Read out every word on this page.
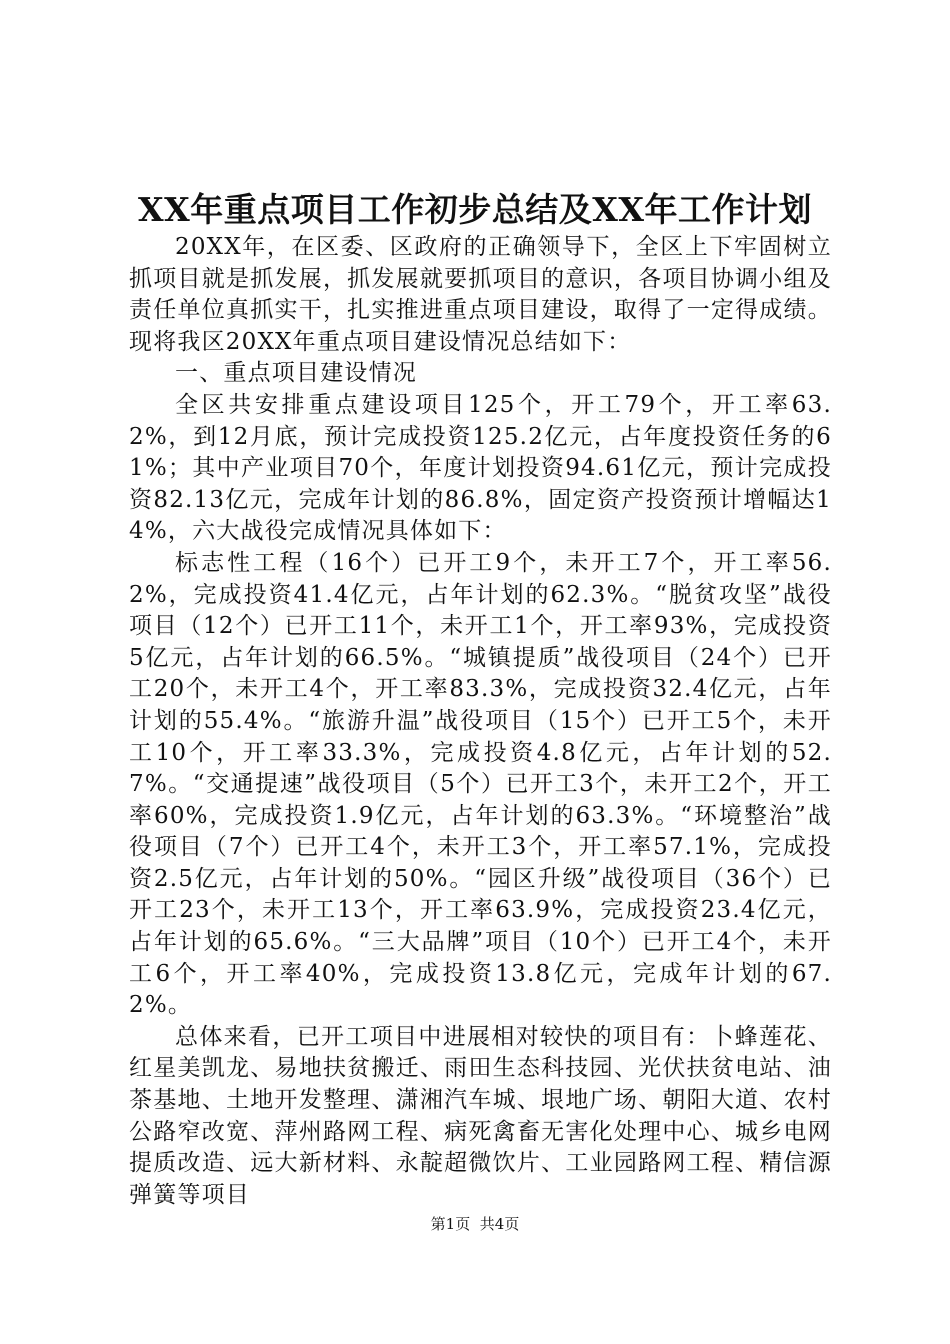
XX年重点项目工作初步总结及XX年工作计划

20XX年，在区委、区政府的正确领导下，全区上下牢固树立抓项目就是抓发展，抓发展就要抓项目的意识，各项目协调小组及责任单位真抓实干，扎实推进重点项目建设，取得了一定得成绩。现将我区20XX年重点项目建设情况总结如下：

一、重点项目建设情况

全区共安排重点建设项目125个，开工79个，开工率63.2%，到12月底，预计完成投资125.2亿元，占年度投资任务的61%；其中产业项目70个，年度计划投资94.61亿元，预计完成投资82.13亿元，完成年计划的86.8%，固定资产投资预计增幅达14%，六大战役完成情况具体如下：

标志性工程（16个）已开工9个，未开工7个，开工率56.2%，完成投资41.4亿元，占年计划的62.3%。“脱贫攻坚”战役项目（12个）已开工11个，未开工1个，开工率93%，完成投资5亿元，占年计划的66.5%。“城镇提质”战役项目（24个）已开工20个，未开工4个，开工率83.3%，完成投资32.4亿元，占年计划的55.4%。“旅游升温”战役项目（15个）已开工5个，未开工10个，开工率33.3%，完成投资4.8亿元，占年计划的52.7%。“交通提速”战役项目（5个）已开工3个，未开工2个，开工率60%，完成投资1.9亿元，占年计划的63.3%。“环境整治”战役项目（7个）已开工4个，未开工3个，开工率57.1%，完成投资2.5亿元，占年计划的50%。“园区升级”战役项目（36个）已开工23个，未开工13个，开工率63.9%，完成投资23.4亿元，占年计划的65.6%。“三大品牌”项目（10个）已开工4个，未开工6个，开工率40%，完成投资13.8亿元，完成年计划的67.2%。

总体来看，已开工项目中进展相对较快的项目有：卜蜂莲花、红星美凯龙、易地扶贫搬迁、雨田生态科技园、光伏扶贫电站、油茶基地、土地开发整理、潇湘汽车城、垠地广场、朝阳大道、农村公路窄改宽、萍州路网工程、病死禽畜无害化处理中心、城乡电网提质改造、远大新材料、永靛超微饮片、工业园路网工程、精信源弹簧等项目

第1页 共4页
